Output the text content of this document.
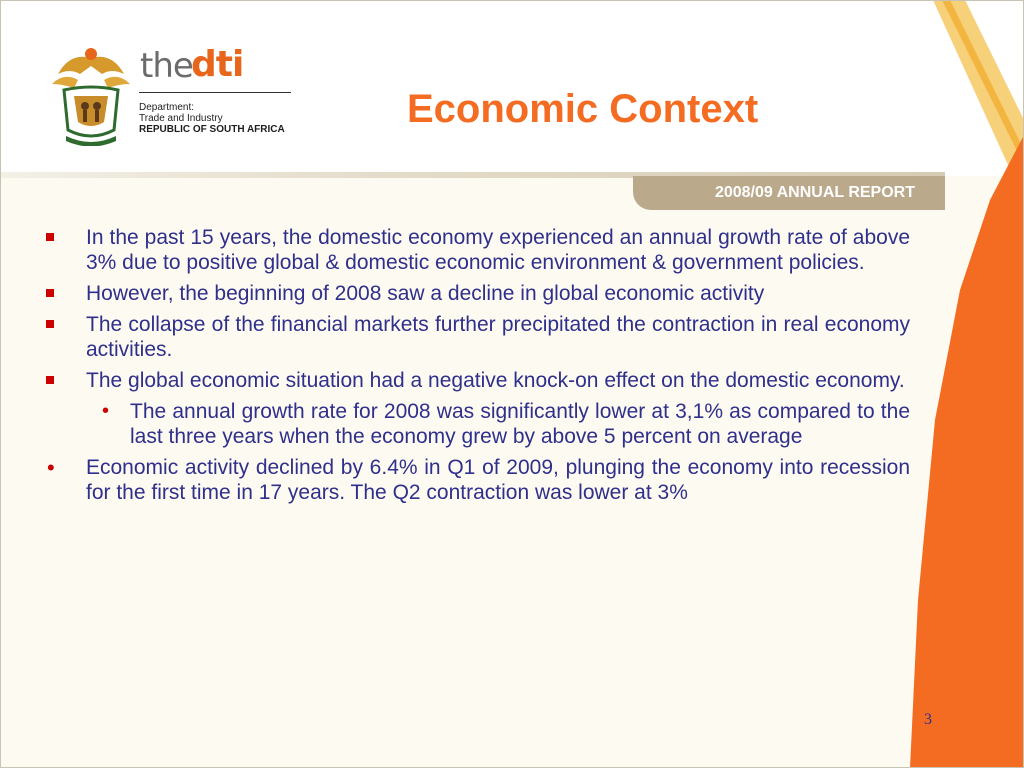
the
dti
Department:
Trade and Industry
REPUBLIC OF SOUTH AFRICA	Economic Context
2008/09 ANNUAL REPORT
In the past 15 years, the domestic economy experienced an annual growth rate of above 3% due to positive global & domestic economic environment & government policies.
However, the beginning of 2008 saw a decline in global economic activity
The collapse of the financial markets further precipitated the contraction in real economy activities.
The global economic situation had a negative knock-on effect on the domestic economy.
• The annual growth rate for 2008 was significantly lower at 3,1% as compared to the last three years when the economy grew by above 5 percent on average
• Economic activity declined by 6.4% in Q1 of 2009, plunging the economy into recession for the first time in 17 years. The Q2 contraction was lower at 3%
3
